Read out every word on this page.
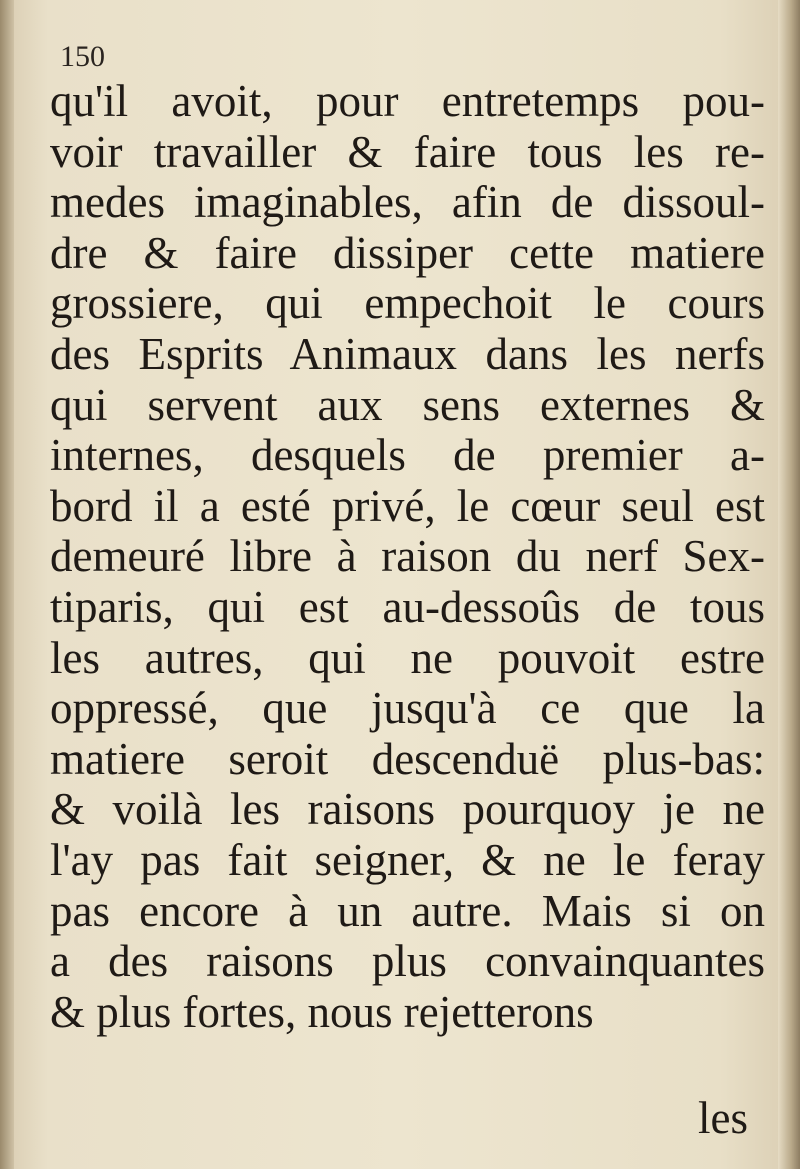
150

qu'il avoit, pour entretemps pou-
voir travailler & faire tous les re-
medes imaginables, afin de dissoul-
dre & faire dissiper cette matiere
grossiere, qui empechoit le cours
des Esprits Animaux dans les nerfs
qui servent aux sens externes &
internes, desquels de premier a-
bord il a esté privé, le cœur seul est
demeuré libre à raison du nerf Sex-
tiparis, qui est au-dessoûs de tous
les autres, qui ne pouvoit estre
oppressé, que jusqu'à ce que la
matiere seroit descenduë plus-bas:
& voilà les raisons pourquoy je ne
l'ay pas fait seigner, & ne le feray
pas encore à un autre. Mais si on
a des raisons plus convainquantes
& plus fortes, nous rejetterons
les
